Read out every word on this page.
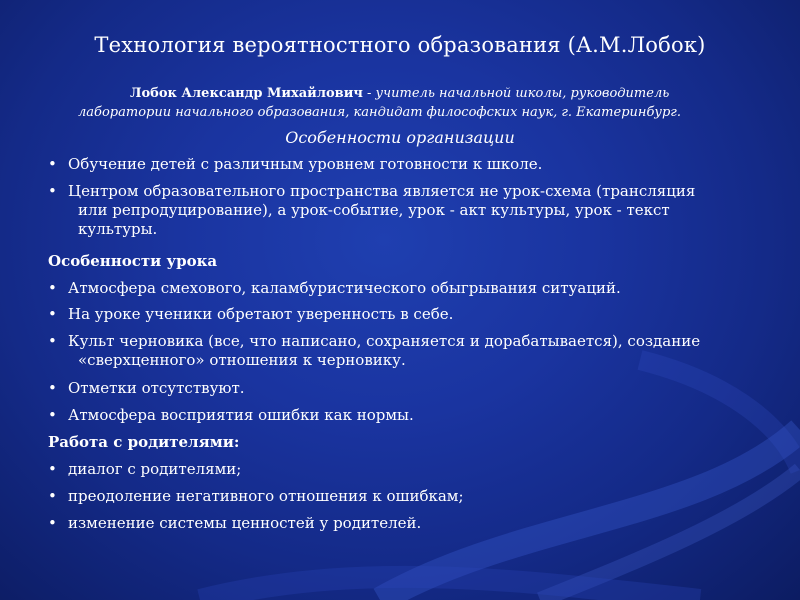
Технология вероятностного образования (А.М.Лобок)
Лобок Александр Михайлович - учитель начальной школы, руководитель лаборатории начального образования, кандидат философских наук, г. Екатеринбург.
Особенности организации
• Обучение детей с различным уровнем готовности к школе.
• Центром образовательного пространства является не урок-схема (трансляция или репродуцирование), а урок-событие, урок - акт культуры, урок - текст культуры.
Особенности урока
• Атмосфера смехового, каламбуристического обыгрывания ситуаций.
• На уроке ученики обретают уверенность в себе.
• Культ черновика (все, что написано, сохраняется и дорабатывается), создание «сверхценного» отношения к черновику.
• Отметки отсутствуют.
• Атмосфера восприятия ошибки как нормы.
Работа с родителями:
• диалог с родителями;
• преодоление негативного отношения к ошибкам;
• изменение системы ценностей у родителей.
